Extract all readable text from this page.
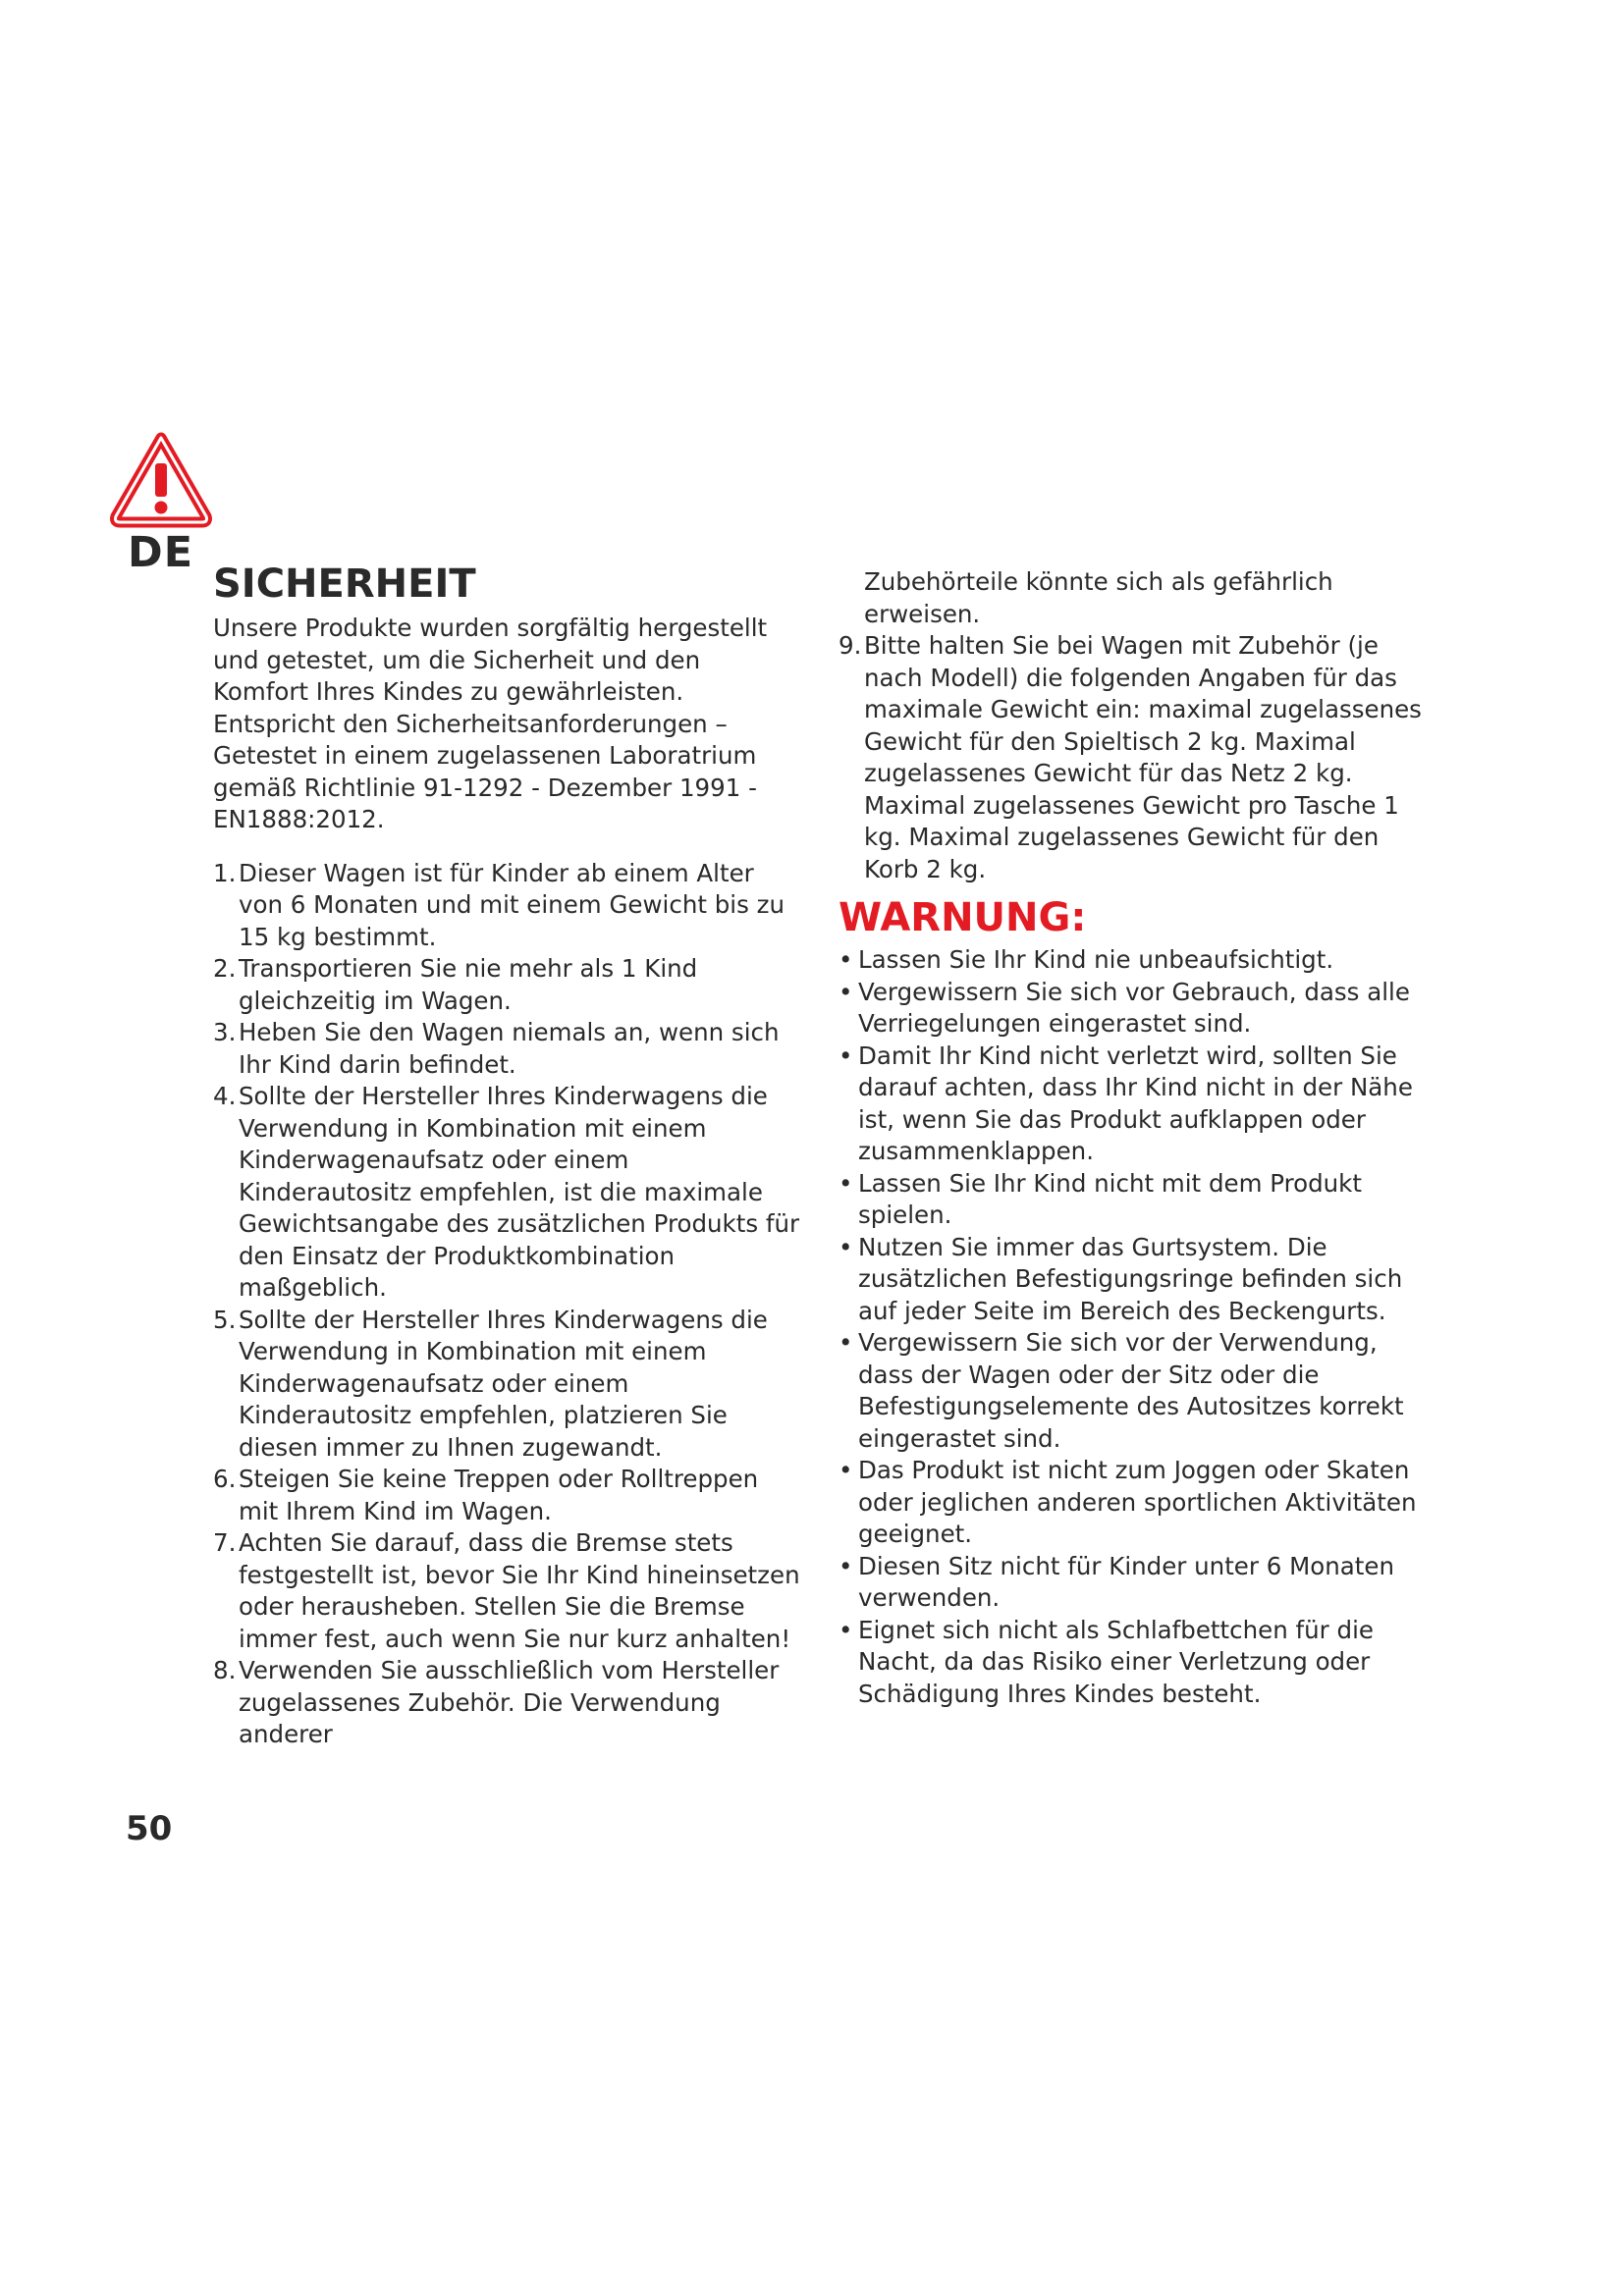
DE
SICHERHEIT

Unsere Produkte wurden sorgfältig hergestellt und getestet, um die Sicherheit und den Komfort Ihres Kindes zu gewährleisten. Entspricht den Sicherheitsanforderungen – Getestet in einem zugelassenen Laboratrium gemäß Richtlinie 91-1292 - Dezember 1991 - EN1888:2012.

1. Dieser Wagen ist für Kinder ab einem Alter von 6 Monaten und mit einem Gewicht bis zu 15 kg bestimmt.
2. Transportieren Sie nie mehr als 1 Kind gleichzeitig im Wagen.
3. Heben Sie den Wagen niemals an, wenn sich Ihr Kind darin befindet.
4. Sollte der Hersteller Ihres Kinderwagens die Verwendung in Kombination mit einem Kinderwagenaufsatz oder einem Kinderautositz empfehlen, ist die maximale Gewichtsangabe des zusätzlichen Produkts für den Einsatz der Produktkombination maßgeblich.
5. Sollte der Hersteller Ihres Kinderwagens die Verwendung in Kombination mit einem Kinderwagenaufsatz oder einem Kinderautositz empfehlen, platzieren Sie diesen immer zu Ihnen zugewandt.
6. Steigen Sie keine Treppen oder Rolltreppen mit Ihrem Kind im Wagen.
7. Achten Sie darauf, dass die Bremse stets festgestellt ist, bevor Sie Ihr Kind hineinsetzen oder herausheben. Stellen Sie die Bremse immer fest, auch wenn Sie nur kurz anhalten!
8. Verwenden Sie ausschließlich vom Hersteller zugelassenes Zubehör. Die Verwendung anderer

Zubehörteile könnte sich als gefährlich erweisen.

9. Bitte halten Sie bei Wagen mit Zubehör (je nach Modell) die folgenden Angaben für das maximale Gewicht ein: maximal zugelassenes Gewicht für den Spieltisch 2 kg. Maximal zugelassenes Gewicht für das Netz 2 kg. Maximal zugelassenes Gewicht pro Tasche 1 kg. Maximal zugelassenes Gewicht für den Korb 2 kg.
WARNUNG:
• Lassen Sie Ihr Kind nie unbeaufsichtigt.
• Vergewissern Sie sich vor Gebrauch, dass alle Verriegelungen eingerastet sind.
• Damit Ihr Kind nicht verletzt wird, sollten Sie darauf achten, dass Ihr Kind nicht in der Nähe ist, wenn Sie das Produkt aufklappen oder zusammenklappen.
• Lassen Sie Ihr Kind nicht mit dem Produkt spielen.
• Nutzen Sie immer das Gurtsystem. Die zusätzlichen Befestigungsringe befinden sich auf jeder Seite im Bereich des Beckengurts.
• Vergewissern Sie sich vor der Verwendung, dass der Wagen oder der Sitz oder die Befestigungselemente des Autositzes korrekt eingerastet sind.
• Das Produkt ist nicht zum Joggen oder Skaten oder jeglichen anderen sportlichen Aktivitäten geeignet.
• Diesen Sitz nicht für Kinder unter 6 Monaten verwenden.
• Eignet sich nicht als Schlafbettchen für die Nacht, da das Risiko einer Verletzung oder Schädigung Ihres Kindes besteht.
50
